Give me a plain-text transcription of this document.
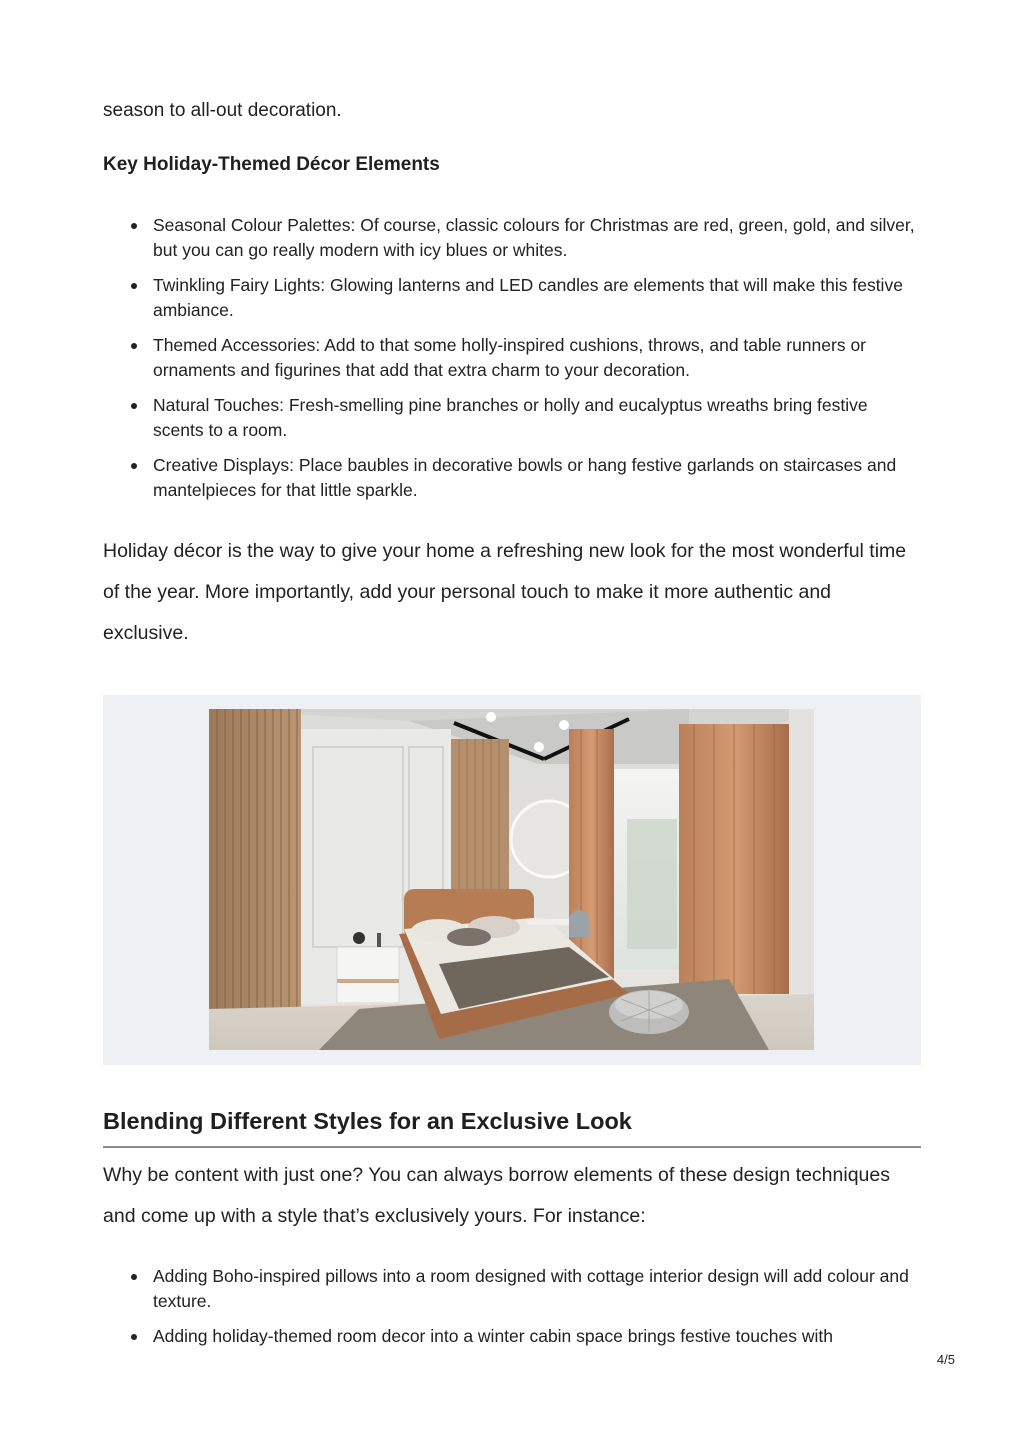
season to all-out decoration.

Key Holiday-Themed Décor Elements
Seasonal Colour Palettes: Of course, classic colours for Christmas are red, green, gold, and silver, but you can go really modern with icy blues or whites.
Twinkling Fairy Lights: Glowing lanterns and LED candles are elements that will make this festive ambiance.
Themed Accessories: Add to that some holly-inspired cushions, throws, and table runners or ornaments and figurines that add that extra charm to your decoration.
Natural Touches: Fresh-smelling pine branches or holly and eucalyptus wreaths bring festive scents to a room.
Creative Displays: Place baubles in decorative bowls or hang festive garlands on staircases and mantelpieces for that little sparkle.

Holiday décor is the way to give your home a refreshing new look for the most wonderful time of the year. More importantly, add your personal touch to make it more authentic and exclusive.

Blending Different Styles for an Exclusive Look

Why be content with just one? You can always borrow elements of these design techniques and come up with a style that’s exclusively yours. For instance:

Adding Boho-inspired pillows into a room designed with cottage interior design will add colour and texture.
Adding holiday-themed room decor into a winter cabin space brings festive touches with
4/5
